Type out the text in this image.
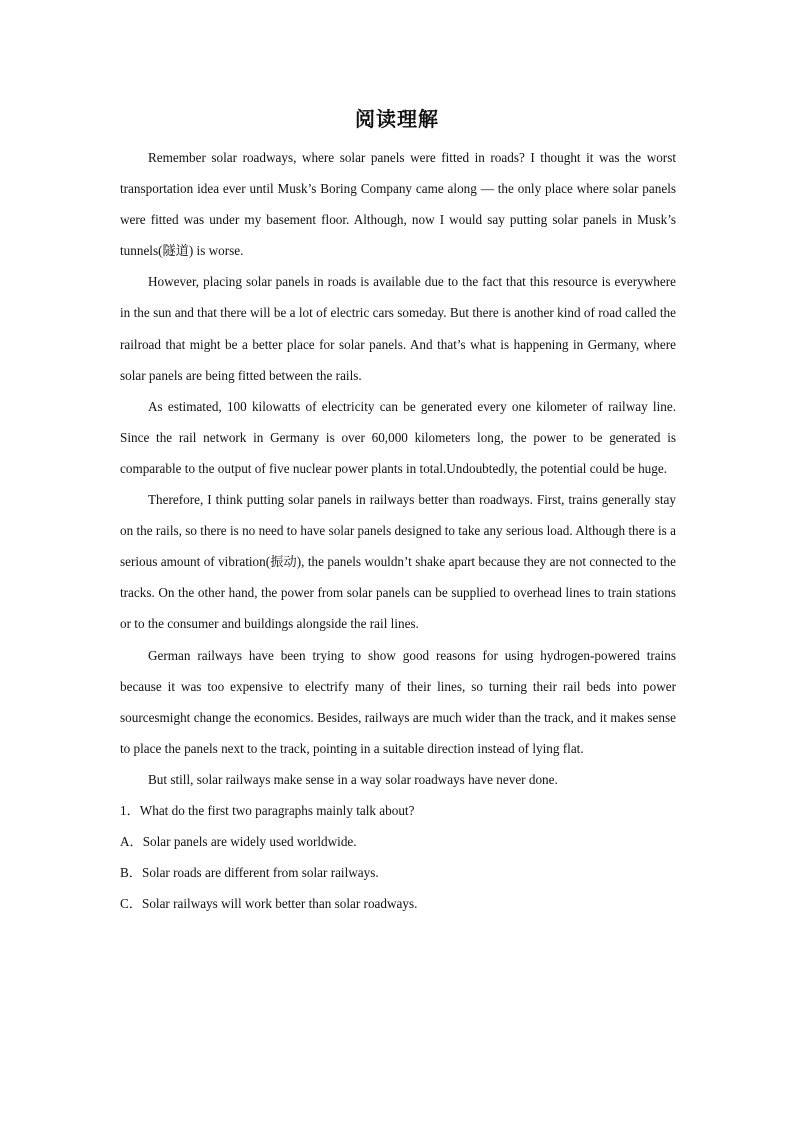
阅读理解

Remember solar roadways, where solar panels were fitted in roads? I thought it was the worst transportation idea ever until Musk’s Boring Company came along — the only place where solar panels were fitted was under my basement floor. Although, now I would say putting solar panels in Musk’s tunnels(隧道) is worse.

However, placing solar panels in roads is available due to the fact that this resource is everywhere in the sun and that there will be a lot of electric cars someday. But there is another kind of road called the railroad that might be a better place for solar panels. And that’s what is happening in Germany, where solar panels are being fitted between the rails.

As estimated, 100 kilowatts of electricity can be generated every one kilometer of railway line. Since the rail network in Germany is over 60,000 kilometers long, the power to be generated is comparable to the output of five nuclear power plants in total.Undoubtedly, the potential could be huge.

Therefore, I think putting solar panels in railways better than roadways. First, trains generally stay on the rails, so there is no need to have solar panels designed to take any serious load. Although there is a serious amount of vibration(振动), the panels wouldn’t shake apart because they are not connected to the tracks. On the other hand, the power from solar panels can be supplied to overhead lines to train stations or to the consumer and buildings alongside the rail lines.

German railways have been trying to show good reasons for using hydrogen-powered trains because it was too expensive to electrify many of their lines, so turning their rail beds into power sourcesmight change the economics. Besides, railways are much wider than the track, and it makes sense to place the panels next to the track, pointing in a suitable direction instead of lying flat.

But still, solar railways make sense in a way solar roadways have never done.

1．What do the first two paragraphs mainly talk about?

A．Solar panels are widely used worldwide.

B．Solar roads are different from solar railways.

C．Solar railways will work better than solar roadways.
